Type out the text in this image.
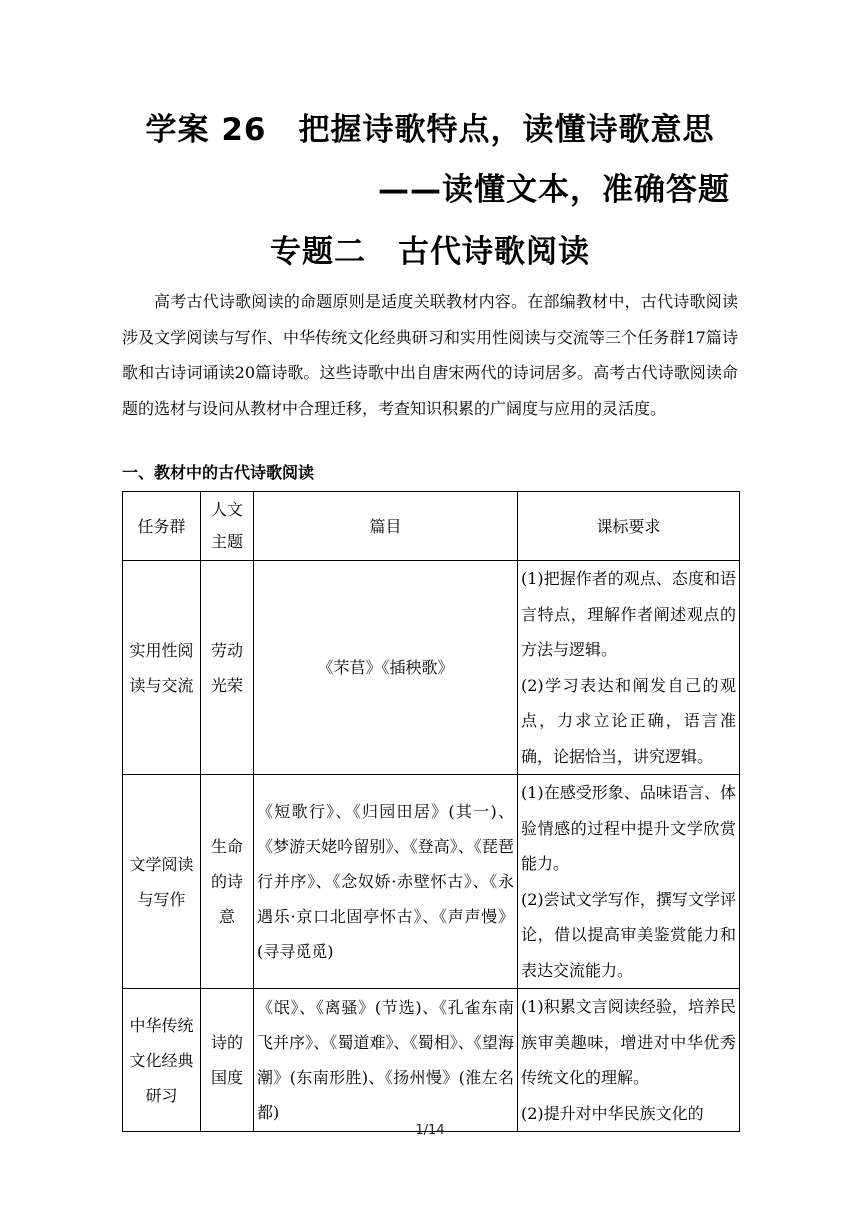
学案 26　把握诗歌特点，读懂诗歌意思
——读懂文本，准确答题
专题二　古代诗歌阅读

高考古代诗歌阅读的命题原则是适度关联教材内容。在部编教材中，古代诗歌阅读涉及文学阅读与写作、中华传统文化经典研习和实用性阅读与交流等三个任务群17篇诗歌和古诗词诵读20篇诗歌。这些诗歌中出自唐宋两代的诗词居多。高考古代诗歌阅读命题的选材与设问从教材中合理迁移，考查知识积累的广阔度与应用的灵活度。

一、教材中的古代诗歌阅读
任务群	人文主题	篇目	课标要求
实用性阅读与交流	劳动光荣	《芣苢》《插秧歌》	(1)把握作者的观点、态度和语言特点，理解作者阐述观点的方法与逻辑。
(2)学习表达和阐发自己的观点，力求立论正确，语言准确，论据恰当，讲究逻辑。

文学阅读与写作	生命的诗意	《短歌行》、《归园田居》(其一)、《梦游天姥吟留别》、《登高》、《琵琶行并序》、《念奴娇·赤壁怀古》、《永遇乐·京口北固亭怀古》、《声声慢》(寻寻觅觅)	(1)在感受形象、品味语言、体验情感的过程中提升文学欣赏能力。
(2)尝试文学写作，撰写文学评论，借以提高审美鉴赏能力和表达交流能力。

中华传统文化经典研习	诗的国度	《氓》、《离骚》(节选)、《孔雀东南飞并序》、《蜀道难》、《蜀相》、《望海潮》(东南形胜)、《扬州慢》(淮左名都)	(1)积累文言阅读经验，培养民族审美趣味，增进对中华优秀传统文化的理解。
(2)提升对中华民族文化的
1/14
